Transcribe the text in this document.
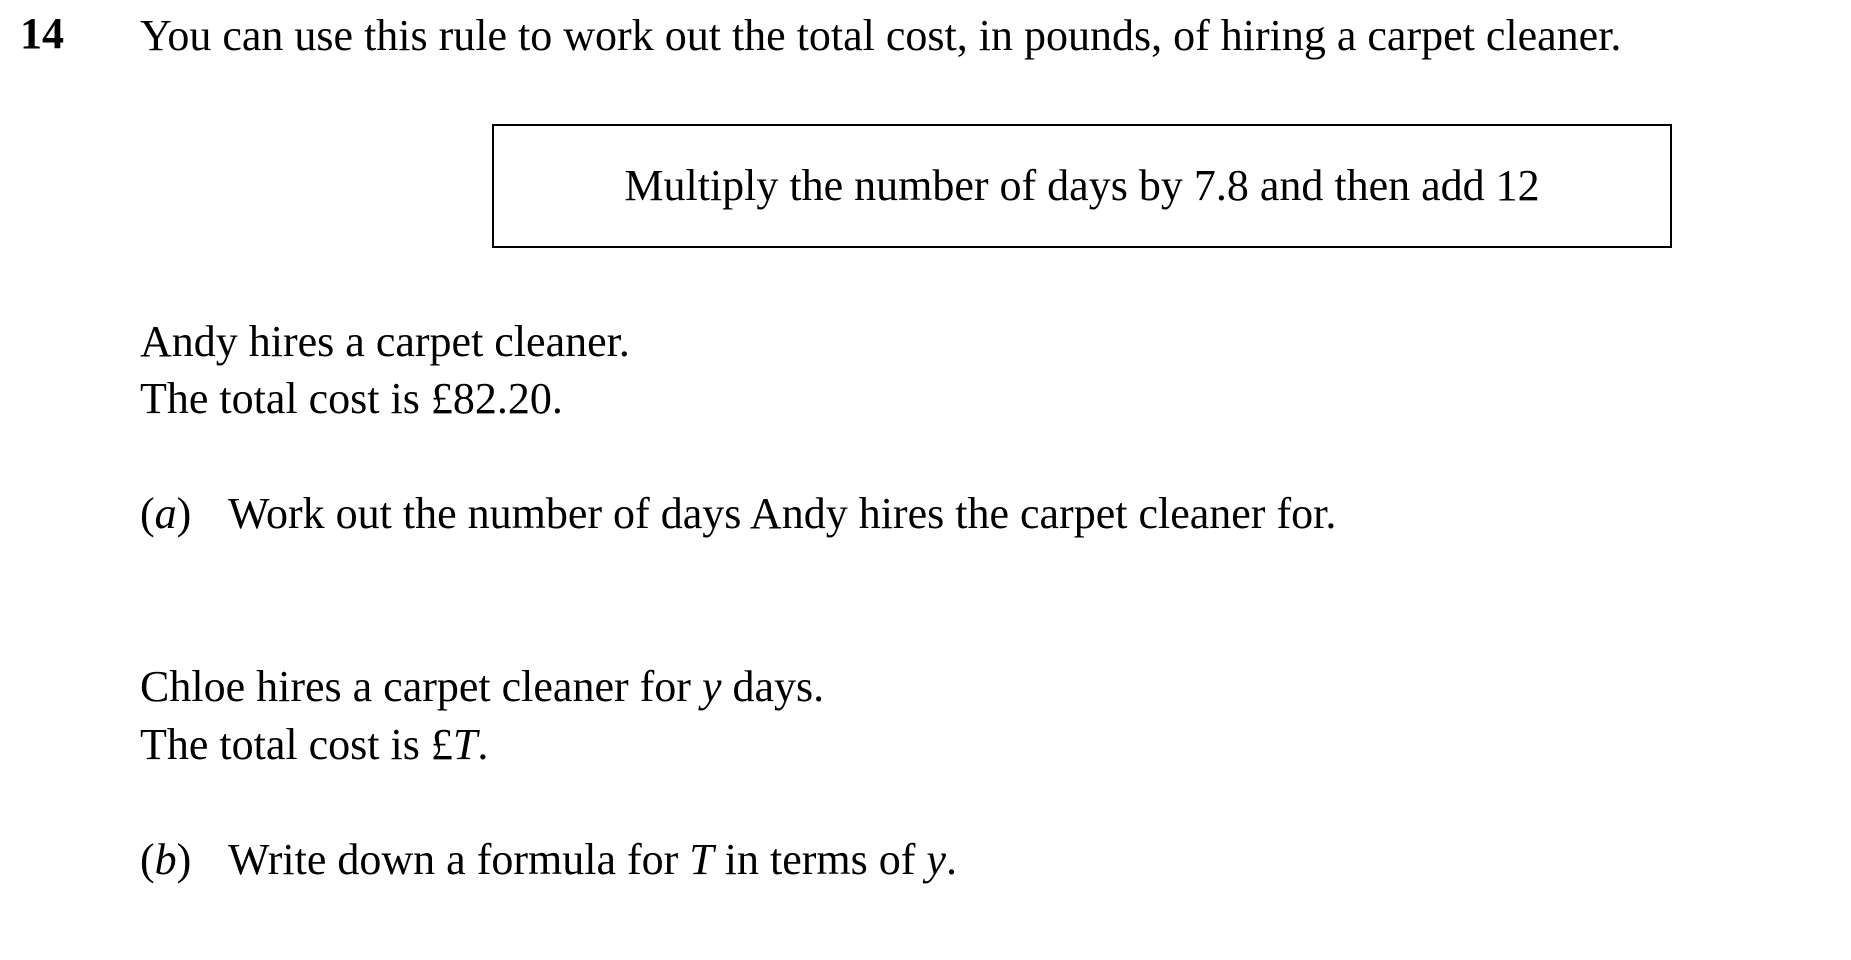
14 You can use this rule to work out the total cost, in pounds, of hiring a carpet cleaner.
Multiply the number of days by 7.8 and then add 12
Andy hires a carpet cleaner.
The total cost is £82.20.
(a) Work out the number of days Andy hires the carpet cleaner for.
Chloe hires a carpet cleaner for y days.
The total cost is £T.
(b) Write down a formula for T in terms of y.
